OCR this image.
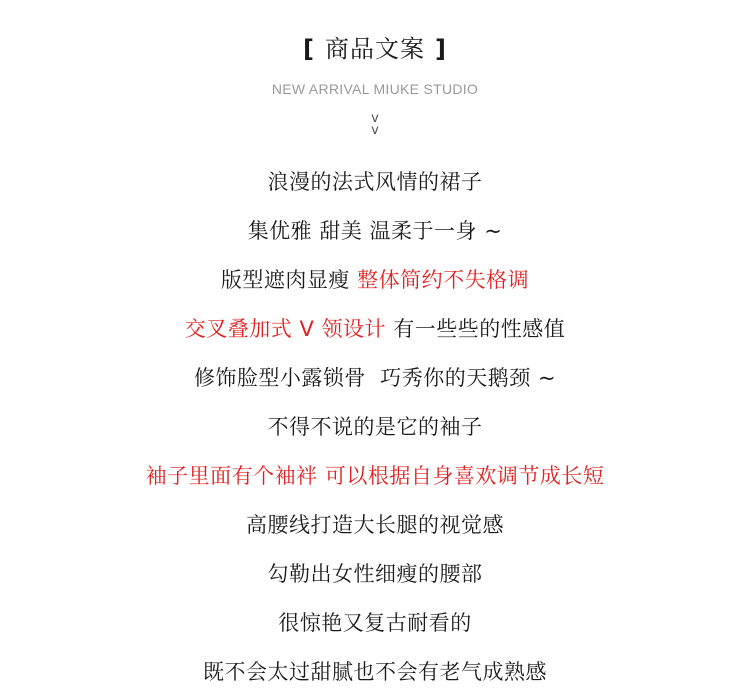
[ 商品文案 ]
NEW ARRIVAL MIUKE STUDIO
v
v
浪漫的法式风情的裙子
集优雅 甜美 温柔于一身 ~
版型遮肉显瘦 整体简约不失格调
交叉叠加式 V 领设计 有一些些的性感值
修饰脸型小露锁骨  巧秀你的天鹅颈 ~
不得不说的是它的袖子
袖子里面有个袖袢 可以根据自身喜欢调节成长短
高腰线打造大长腿的视觉感
勾勒出女性细瘦的腰部
很惊艳又复古耐看的
既不会太过甜腻也不会有老气成熟感
